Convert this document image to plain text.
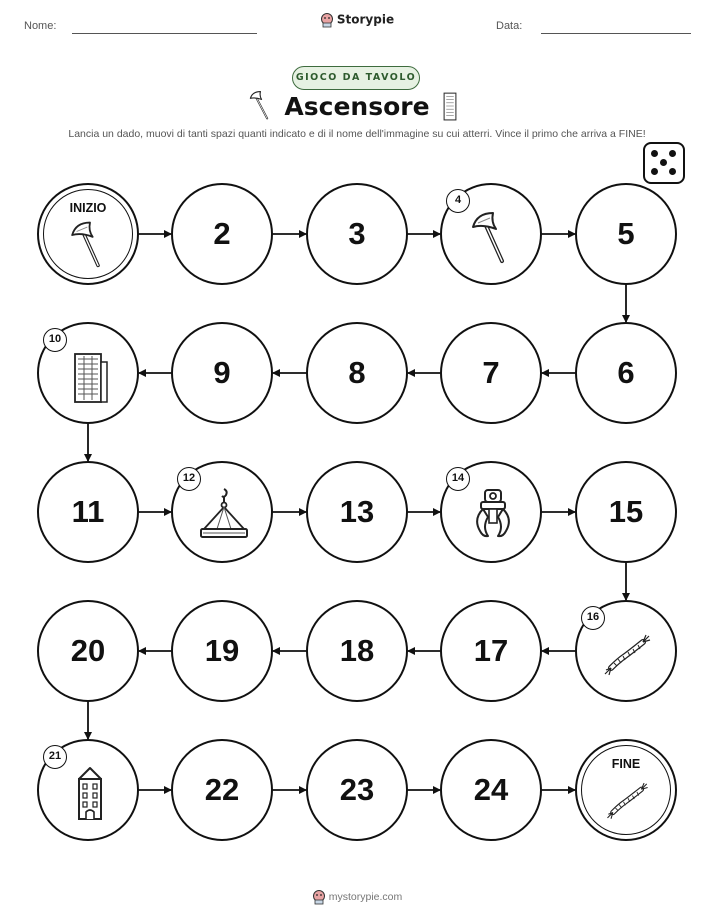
Nome:	Data:
Storypie
GIOCO DA TAVOLO
Ascensore
Lancia un dado, muovi di tanti spazi quanti indicato e di il nome dell'immagine su cui atterri. Vince il primo che arriva a FINE!
INIZIO
2	3
4
5
6
7
8
9
10
11
12
13
14
15
16
17
18
19
20
21
22	23	24
FINE
mystorypie.com
